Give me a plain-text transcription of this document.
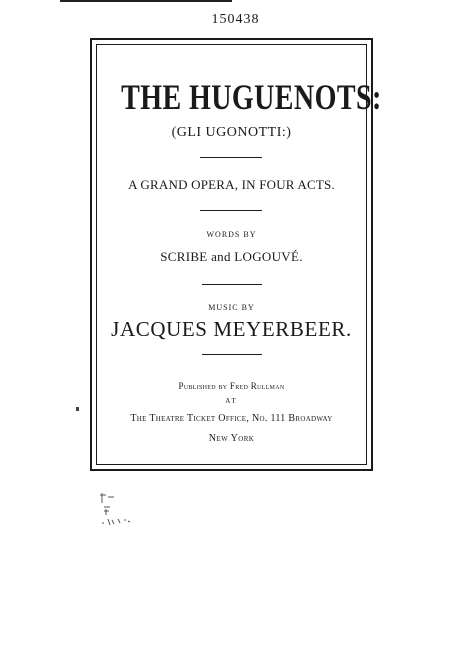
150438
THE HUGUENOTS:
(GLI UGONOTTI:)
A GRAND OPERA, IN FOUR ACTS.
WORDS BY
SCRIBE and LOGOUVÉ.
MUSIC BY
JACQUES MEYERBEER.
Published by Fred Rullman
AT
The Theatre Ticket Office, No. 111 Broadway
New York
